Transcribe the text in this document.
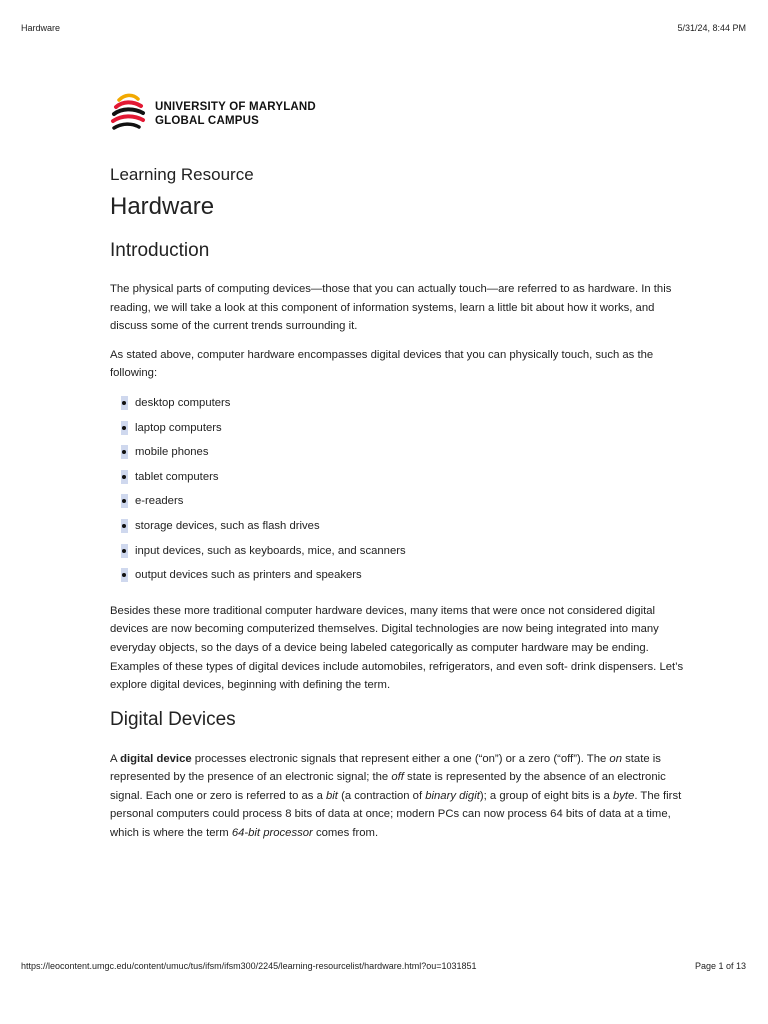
Hardware	5/31/24, 8:44 PM
UNIVERSITY OF MARYLAND
GLOBAL CAMPUS
Learning Resource
Hardware
Introduction

The physical parts of computing devices—those that you can actually touch—are referred to as hardware. In this reading, we will take a look at this component of information systems, learn a little bit about how it works, and discuss some of the current trends surrounding it.

As stated above, computer hardware encompasses digital devices that you can physically touch, such as the following:

desktop computers
laptop computers
mobile phones
tablet computers
e-readers
storage devices, such as flash drives
input devices, such as keyboards, mice, and scanners
output devices such as printers and speakers

Besides these more traditional computer hardware devices, many items that were once not considered digital devices are now becoming computerized themselves. Digital technologies are now being integrated into many everyday objects, so the days of a device being labeled categorically as computer hardware may be ending. Examples of these types of digital devices include automobiles, refrigerators, and even soft- drink dispensers. Let’s explore digital devices, beginning with defining the term.

Digital Devices

A digital device processes electronic signals that represent either a one (“on”) or a zero (“off”). The on state is represented by the presence of an electronic signal; the off state is represented by the absence of an electronic signal. Each one or zero is referred to as a bit (a contraction of binary digit); a group of eight bits is a byte. The first personal computers could process 8 bits of data at once; modern PCs can now process 64 bits of data at a time, which is where the term 64-bit processor comes from.

https://leocontent.umgc.edu/content/umuc/tus/ifsm/ifsm300/2245/learning-resourcelist/hardware.html?ou=1031851	Page 1 of 13
